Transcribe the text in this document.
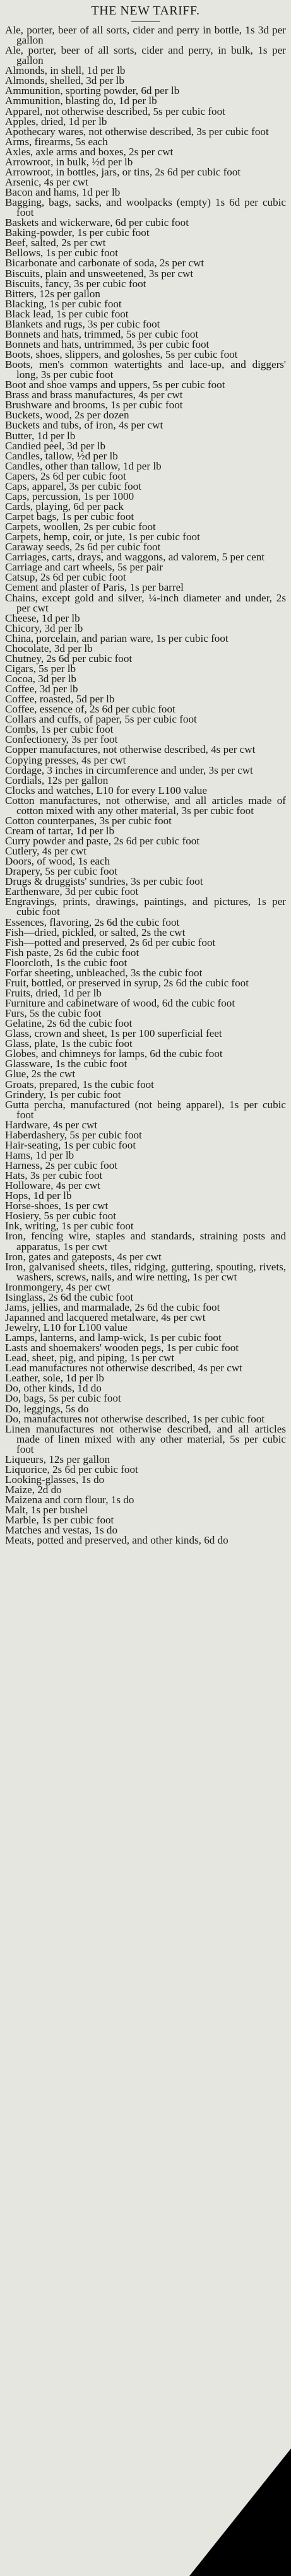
THE NEW TARIFF.
Ale, porter, beer of all sorts, cider and perry in bottle, 1s 3d per gallon
Ale, porter, beer of all sorts, cider and perry, in bulk, 1s per gallon
Almonds, in shell, 1d per lb
Almonds, shelled, 3d per lb
Ammunition, sporting powder, 6d per lb
Ammunition, blasting do, 1d per lb
Apparel, not otherwise described, 5s per cubic foot
Apples, dried, 1d per lb
Apothecary wares, not otherwise described, 3s per cubic foot
Arms, firearms, 5s each
Axles, axle arms and boxes, 2s per cwt
Arrowroot, in bulk, ½d per lb
Arrowroot, in bottles, jars, or tins, 2s 6d per cubic foot
Arsenic, 4s per cwt
Bacon and hams, 1d per lb
Bagging, bags, sacks, and woolpacks (empty) 1s 6d per cubic foot
Baskets and wickerware, 6d per cubic foot
Baking-powder, 1s per cubic foot
Beef, salted, 2s per cwt
Bellows, 1s per cubic foot
Bicarbonate and carbonate of soda, 2s per cwt
Biscuits, plain and unsweetened, 3s per cwt
Biscuits, fancy, 3s per cubic foot
Bitters, 12s per gallon
Blacking, 1s per cubic foot
Black lead, 1s per cubic foot
Blankets and rugs, 3s per cubic foot
Bonnets and hats, trimmed, 5s per cubic foot
Bonnets and hats, untrimmed, 3s per cubic foot
Boots, shoes, slippers, and goloshes, 5s per cubic foot
Boots, men's common watertights and lace-up, and diggers' long, 3s per cubic foot
Boot and shoe vamps and uppers, 5s per cubic foot
Brass and brass manufactures, 4s per cwt
Brushware and brooms, 1s per cubic foot
Buckets, wood, 2s per dozen
Buckets and tubs, of iron, 4s per cwt
Butter, 1d per lb
Candied peel, 3d per lb
Candles, tallow, ½d per lb
Candles, other than tallow, 1d per lb
Capers, 2s 6d per cubic foot
Caps, apparel, 3s per cubic foot
Caps, percussion, 1s per 1000
Cards, playing, 6d per pack
Carpet bags, 1s per cubic foot
Carpets, woollen, 2s per cubic foot
Carpets, hemp, coir, or jute, 1s per cubic foot
Caraway seeds, 2s 6d per cubic foot
Carriages, carts, drays, and waggons, ad valorem, 5 per cent
Carriage and cart wheels, 5s per pair
Catsup, 2s 6d per cubic foot
Cement and plaster of Paris, 1s per barrel
Chains, except gold and silver, ¼-inch diameter and under, 2s per cwt
Cheese, 1d per lb
Chicory, 3d per lb
China, porcelain, and parian ware, 1s per cubic foot
Chocolate, 3d per lb
Chutney, 2s 6d per cubic foot
Cigars, 5s per lb
Cocoa, 3d per lb
Coffee, 3d per lb
Coffee, roasted, 5d per lb
Coffee, essence of, 2s 6d per cubic foot
Collars and cuffs, of paper, 5s per cubic foot
Combs, 1s per cubic foot
Confectionery, 3s per foot
Copper manufactures, not otherwise described, 4s per cwt
Copying presses, 4s per cwt
Cordage, 3 inches in circumference and under, 3s per cwt
Cordials, 12s per gallon
Clocks and watches, L10 for every L100 value
Cotton manufactures, not otherwise, and all articles made of cotton mixed with any other material, 3s per cubic foot
Cotton counterpanes, 3s per cubic foot
Cream of tartar, 1d per lb
Curry powder and paste, 2s 6d per cubic foot
Cutlery, 4s per cwt
Doors, of wood, 1s each
Drapery, 5s per cubic foot
Drugs & druggists' sundries, 3s per cubic foot
Earthenware, 3d per cubic foot
Engravings, prints, drawings, paintings, and pictures, 1s per cubic foot
Essences, flavoring, 2s 6d the cubic foot
Fish—dried, pickled, or salted, 2s the cwt
Fish—potted and preserved, 2s 6d per cubic foot
Fish paste, 2s 6d the cubic foot
Floorcloth, 1s the cubic foot
Forfar sheeting, unbleached, 3s the cubic foot
Fruit, bottled, or preserved in syrup, 2s 6d the cubic foot
Fruits, dried, 1d per lb
Furniture and cabinetware of wood, 6d the cubic foot
Furs, 5s the cubic foot
Gelatine, 2s 6d the cubic foot
Glass, crown and sheet, 1s per 100 superficial feet
Glass, plate, 1s the cubic foot
Globes, and chimneys for lamps, 6d the cubic foot
Glassware, 1s the cubic foot
Glue, 2s the cwt
Groats, prepared, 1s the cubic foot
Grindery, 1s per cubic foot
Gutta percha, manufactured (not being apparel), 1s per cubic foot
Hardware, 4s per cwt
Haberdashery, 5s per cubic foot
Hair-seating, 1s per cubic foot
Hams, 1d per lb
Harness, 2s per cubic foot
Hats, 3s per cubic foot
Holloware, 4s per cwt
Hops, 1d per lb
Horse-shoes, 1s per cwt
Hosiery, 5s per cubic foot
Ink, writing, 1s per cubic foot
Iron, fencing wire, staples and standards, straining posts and apparatus, 1s per cwt
Iron, gates and gateposts, 4s per cwt
Iron, galvanised sheets, tiles, ridging, guttering, spouting, rivets, washers, screws, nails, and wire netting, 1s per cwt
Ironmongery, 4s per cwt
Isinglass, 2s 6d the cubic foot
Jams, jellies, and marmalade, 2s 6d the cubic foot
Japanned and lacquered metalware, 4s per cwt
Jewelry, L10 for L100 value
Lamps, lanterns, and lamp-wick, 1s per cubic foot
Lasts and shoemakers' wooden pegs, 1s per cubic foot
Lead, sheet, pig, and piping, 1s per cwt
Lead manufactures not otherwise described, 4s per cwt
Leather, sole, 1d per lb
Do, other kinds, 1d do
Do, bags, 5s per cubic foot
Do, leggings, 5s do
Do, manufactures not otherwise described, 1s per cubic foot
Linen manufactures not otherwise described, and all articles made of linen mixed with any other material, 5s per cubic foot
Liqueurs, 12s per gallon
Liquorice, 2s 6d per cubic foot
Looking-glasses, 1s do
Maize, 2d do
Maizena and corn flour, 1s do
Malt, 1s per bushel
Marble, 1s per cubic foot
Matches and vestas, 1s do
Meats, potted and preserved, and other kinds, 6d do
